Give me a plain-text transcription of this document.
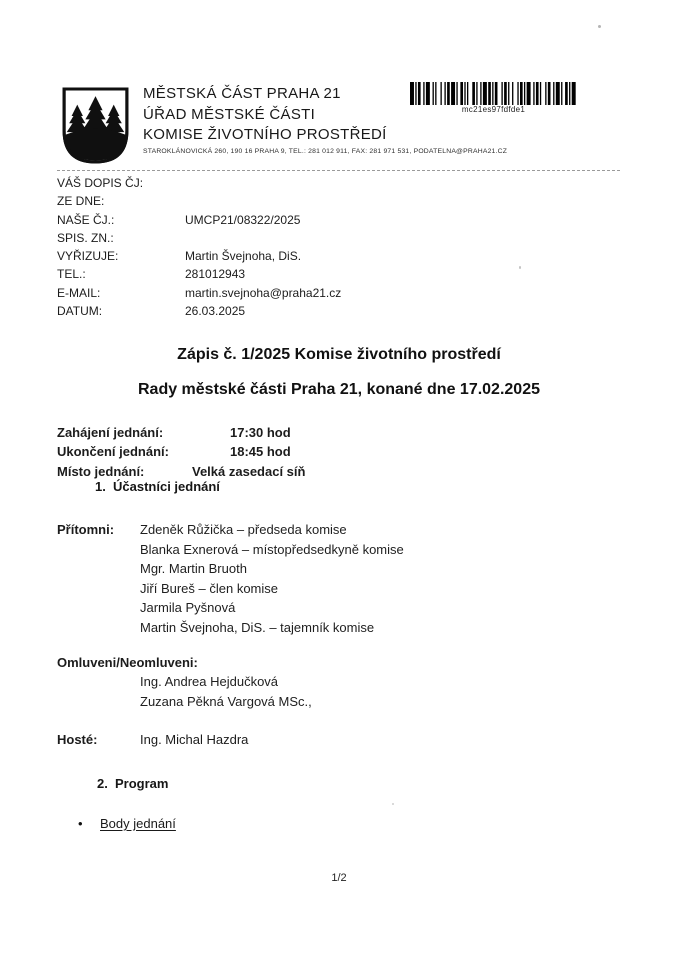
MĚSTSKÁ ČÁST PRAHA 21
ÚŘAD MĚSTSKÉ ČÁSTI
KOMISE ŽIVOTNÍHO PROSTŘEDÍ
STAROKLÁNOVICKÁ 260, 190 16 PRAHA 9, TEL.: 281 012 911, FAX: 281 971 531, PODATELNA@PRAHA21.CZ
mc21es97fdfde1
VÁŠ DOPIS ČJ:
ZE DNE:
NAŠE ČJ.:	UMCP21/08322/2025
SPIS. ZN.:
VYŘIZUJE:	Martin Švejnoha, DiS.
TEL.:	281012943
E-MAIL:	martin.svejnoha@praha21.cz
DATUM:	26.03.2025
Zápis č. 1/2025 Komise životního prostředí
Rady městské části Praha 21, konané dne 17.02.2025
Zahájení jednání:	17:30 hod
Ukončení jednání:	18:45 hod
Místo jednání:	Velká zasedací síň
1. Účastníci jednání
Přítomni: Zdeněk Růžička – předseda komise
Blanka Exnerová – místopředsedkyně komise
Mgr. Martin Bruoth
Jiří Bureš – člen komise
Jarmila Pyšnová
Martin Švejnoha, DiS. – tajemník komise
Omluveni/Neomluveni:
Ing. Andrea Hejdučková
Zuzana Pěkná Vargová MSc.,
Hosté:	Ing. Michal Hazdra
2. Program
• Body jednání
1/2
